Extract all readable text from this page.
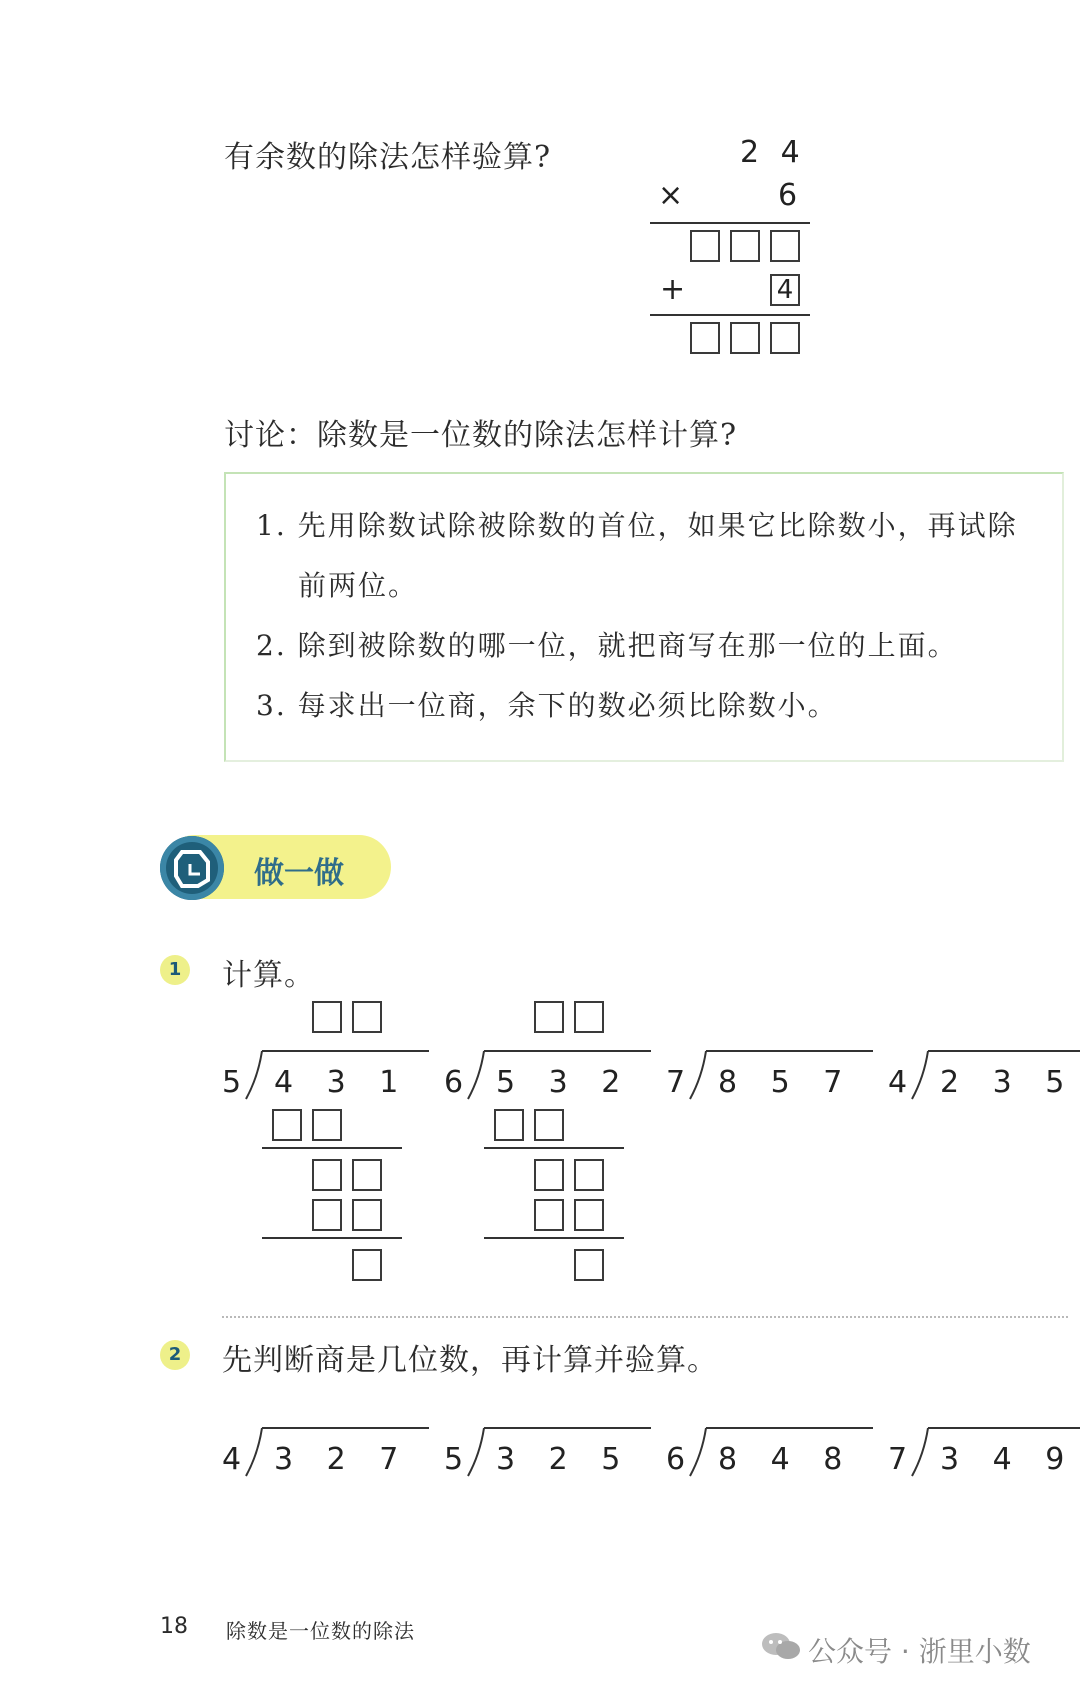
有余数的除法怎样验算?	2 4
×	6
+	4
讨论：除数是一位数的除法怎样计算?
1. 先用除数试除被除数的首位，如果它比除数小，再试除
前两位。
2. 除到被除数的哪一位，就把商写在那一位的上面。
3. 每求出一位商，余下的数必须比除数小。
做一做
1 计算。
5 4 3 1 6 5 3 2 7 8 5 7 4 2 3 5
2 先判断商是几位数，再计算并验算。
4 3 2 7 5 3 2 5 6 8 4 8 7 3 4 9
18 除数是一位数的除法
公众号 · 浙里小数
